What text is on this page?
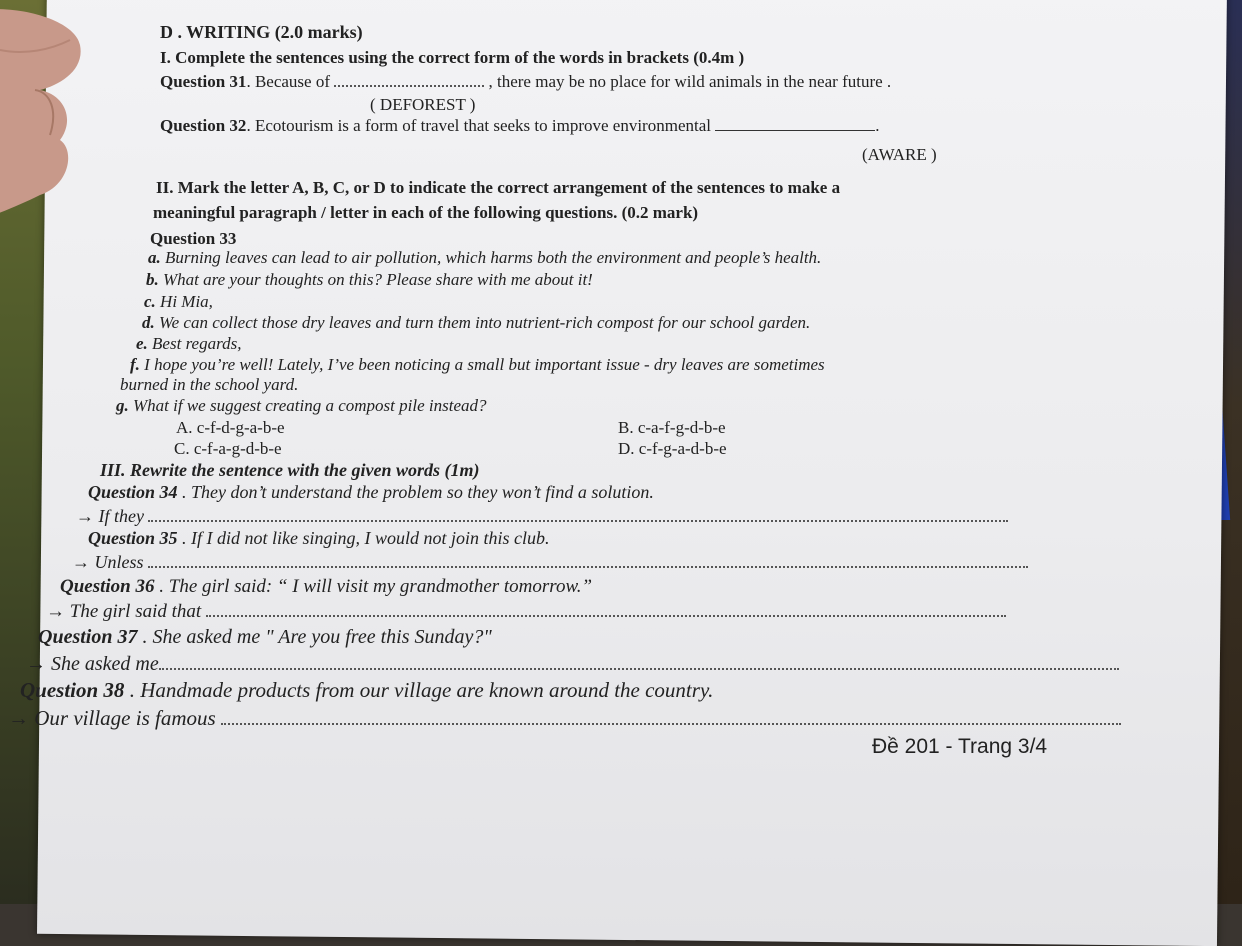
D . WRITING (2.0 marks)
I. Complete the sentences using the correct form of the words in brackets (0.4m )
Question 31. Because of	, there may be no place for wild animals in the near future .
( DEFOREST )
Question 32. Ecotourism is a form of travel that seeks to improve environmental	.
(AWARE )
II. Mark the letter A, B, C, or D to indicate the correct arrangement of the sentences to make a
meaningful paragraph / letter in each of the following questions. (0.2 mark)
Question 33
a. Burning leaves can lead to air pollution, which harms both the environment and people’s health.
b. What are your thoughts on this? Please share with me about it!
c. Hi Mia,
d. We can collect those dry leaves and turn them into nutrient-rich compost for our school garden.
e. Best regards,
f. I hope you’re well! Lately, I’ve been noticing a small but important issue - dry leaves are sometimes
burned in the school yard.
g. What if we suggest creating a compost pile instead?
A. c-f-d-g-a-b-e	B. c-a-f-g-d-b-e
C. c-f-a-g-d-b-e	D. c-f-g-a-d-b-e
III. Rewrite the sentence with the given words (1m)
Question 34 . They don’t understand the problem so they won’t find a solution.
→ If they
Question 35 . If I did not like singing, I would not join this club.
→ Unless
Question 36 . The girl said: “ I will visit my grandmother tomorrow.”
→ The girl said that
Question 37 . She asked me " Are you free this Sunday?"
→ She asked me
Question 38 . Handmade products from our village are known around the country.
→ Our village is famous
Đề 201 - Trang 3/4
